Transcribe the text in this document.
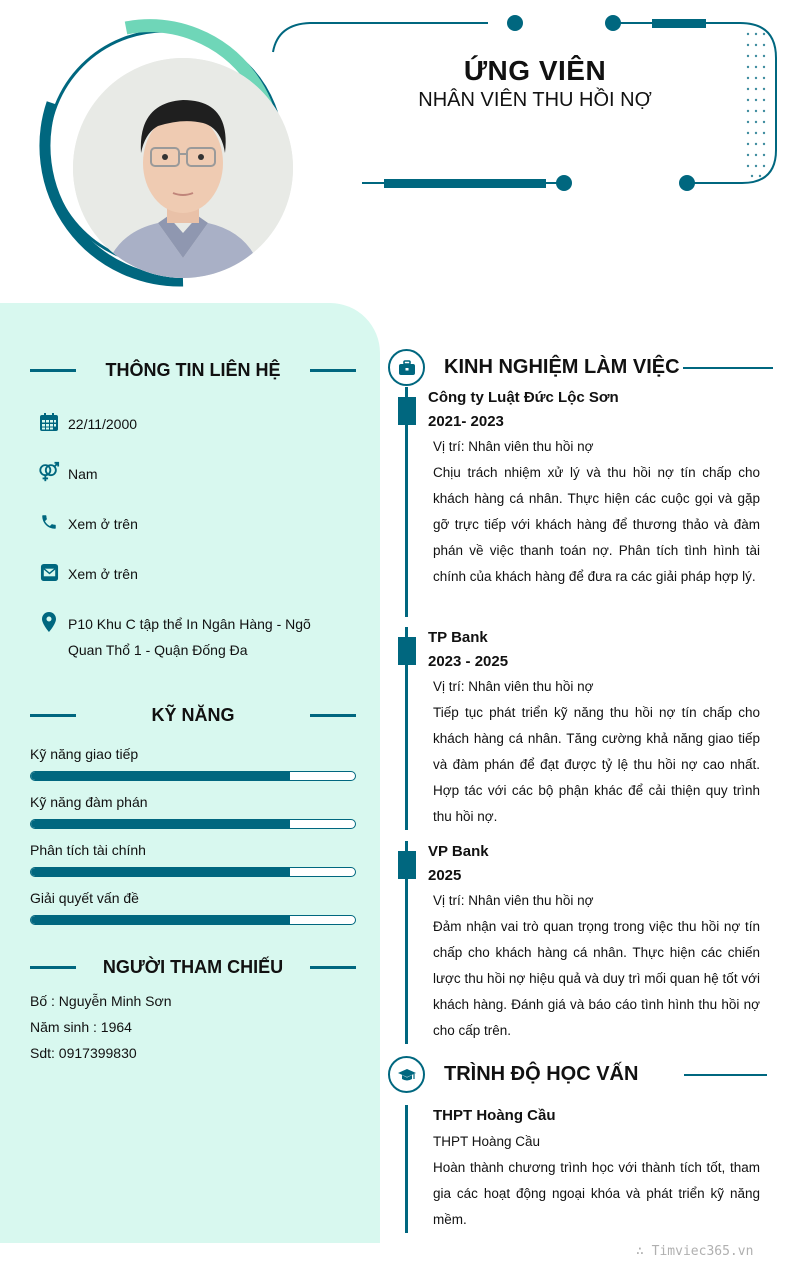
ỨNG VIÊN
NHÂN VIÊN THU HỒI NỢ
THÔNG TIN LIÊN HỆ
22/11/2000
Nam
Xem ở trên
Xem ở trên
P10 Khu C tập thể In Ngân Hàng - Ngõ Quan Thổ 1 - Quận Đống Đa
KỸ NĂNG
Kỹ năng giao tiếp
Kỹ năng đàm phán
Phân tích tài chính
Giải quyết vấn đề
NGƯỜI THAM CHIẾU
Bố : Nguyễn Minh Sơn
Năm sinh : 1964
Sdt: 0917399830
KINH NGHIỆM LÀM VIỆC
Công ty Luật Đức Lộc Sơn
2021- 2023
Vị trí: Nhân viên thu hồi nợ
Chịu trách nhiệm xử lý và thu hồi nợ tín chấp cho khách hàng cá nhân. Thực hiện các cuộc gọi và gặp gỡ trực tiếp với khách hàng để thương thảo và đàm phán về việc thanh toán nợ. Phân tích tình hình tài chính của khách hàng để đưa ra các giải pháp hợp lý.
TP Bank
2023 - 2025
Vị trí: Nhân viên thu hồi nợ
Tiếp tục phát triển kỹ năng thu hồi nợ tín chấp cho khách hàng cá nhân. Tăng cường khả năng giao tiếp và đàm phán để đạt được tỷ lệ thu hồi nợ cao nhất. Hợp tác với các bộ phận khác để cải thiện quy trình thu hồi nợ.
VP Bank
2025
Vị trí: Nhân viên thu hồi nợ
Đảm nhận vai trò quan trọng trong việc thu hồi nợ tín chấp cho khách hàng cá nhân. Thực hiện các chiến lược thu hồi nợ hiệu quả và duy trì mối quan hệ tốt với khách hàng. Đánh giá và báo cáo tình hình thu hồi nợ cho cấp trên.
TRÌNH ĐỘ HỌC VẤN
THPT Hoàng Cầu
THPT Hoàng Cầu
Hoàn thành chương trình học với thành tích tốt, tham gia các hoạt động ngoại khóa và phát triển kỹ năng mềm.
∴ Timviec365.vn
